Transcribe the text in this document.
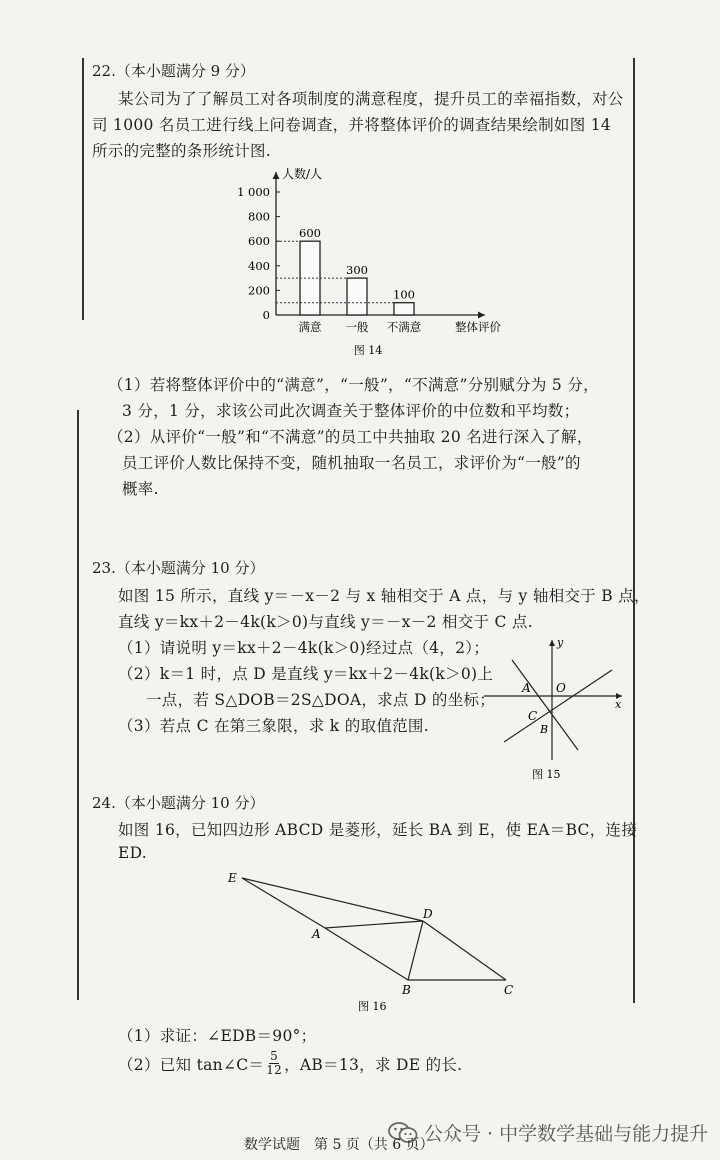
22.（本小题满分 9 分）
某公司为了了解员工对各项制度的满意程度，提升员工的幸福指数，对公
司 1000 名员工进行线上问卷调查，并将整体评价的调查结果绘制如图 14
所示的完整的条形统计图.
人数/人
整体评价
0
200
400
600
800
1 000
600
满意
300
一般
100
不满意
图 14
（1）若将整体评价中的“满意”，“一般”，“不满意”分别赋分为 5 分，
3 分，1 分，求该公司此次调查关于整体评价的中位数和平均数；
（2）从评价“一般”和“不满意”的员工中共抽取 20 名进行深入了解，
员工评价人数比保持不变，随机抽取一名员工，求评价为“一般”的
概率.
23.（本小题满分 10 分）
如图 15 所示，直线 y＝－x－2 与 x 轴相交于 A 点，与 y 轴相交于 B 点，
直线 y＝kx＋2－4k(k＞0)与直线 y＝－x－2 相交于 C 点.
（1）请说明 y＝kx＋2－4k(k＞0)经过点（4，2）；
（2）k＝1 时，点 D 是直线 y＝kx＋2－4k(k＞0)上
一点，若 S△DOB＝2S△DOA，求点 D 的坐标；
（3）若点 C 在第三象限，求 k 的取值范围.
A O
C
B
x
y
图 15
24.（本小题满分 10 分）
如图 16，已知四边形 ABCD 是菱形，延长 BA 到 E，使 EA＝BC，连接
ED.
E
A
D
B	C
图 16
（1）求证：∠EDB＝90°；
（2）已知 tan∠C＝ $\frac{5}{12}$ ，AB＝13，求 DE 的长.
公众号 · 中学数学基础与能力提升
数学试题　第 5 页（共 6 页）
